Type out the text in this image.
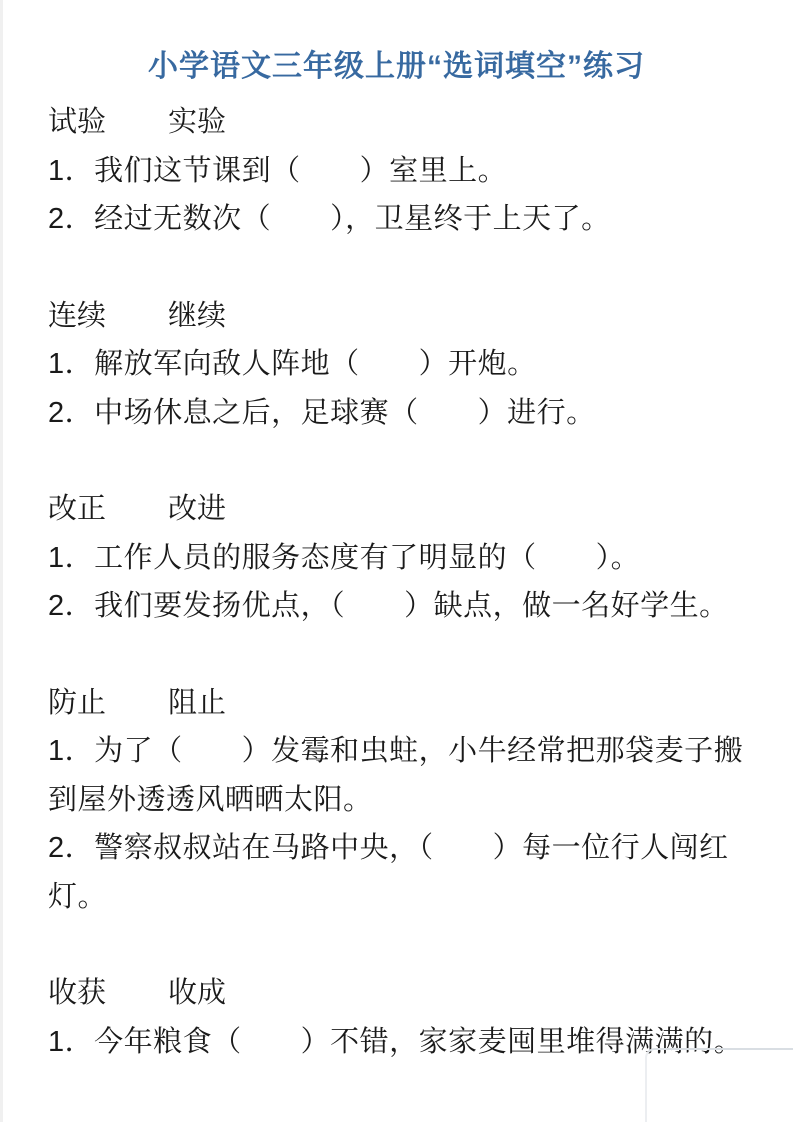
小学语文三年级上册“选词填空”练习

试验 实验

1．我们这节课到（　　）室里上。

2．经过无数次（　　），卫星终于上天了。

连续 继续

1．解放军向敌人阵地（　　）开炮。

2．中场休息之后，足球赛（　　）进行。

改正 改进

1．工作人员的服务态度有了明显的（　　）。

2．我们要发扬优点，（　　）缺点，做一名好学生。

防止 阻止

1．为了（　　）发霉和虫蛀，小牛经常把那袋麦子搬到屋外透透风晒晒太阳。

2．警察叔叔站在马路中央，（　　）每一位行人闯红灯。

收获 收成

1．今年粮食（　　）不错，家家麦囤里堆得满满的。
